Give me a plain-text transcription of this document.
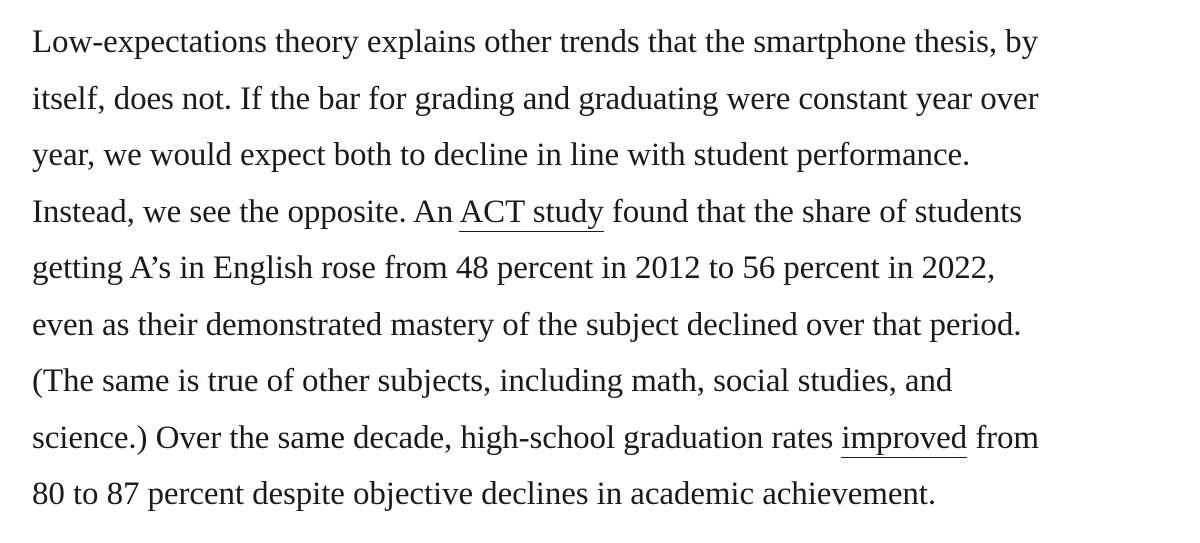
Low-expectations theory explains other trends that the smartphone thesis, by
itself, does not. If the bar for grading and graduating were constant year over
year, we would expect both to decline in line with student performance.
Instead, we see the opposite. An ACT study found that the share of students
getting A’s in English rose from 48 percent in 2012 to 56 percent in 2022,
even as their demonstrated mastery of the subject declined over that period.
(The same is true of other subjects, including math, social studies, and
science.) Over the same decade, high-school graduation rates improved from
80 to 87 percent despite objective declines in academic achievement.
